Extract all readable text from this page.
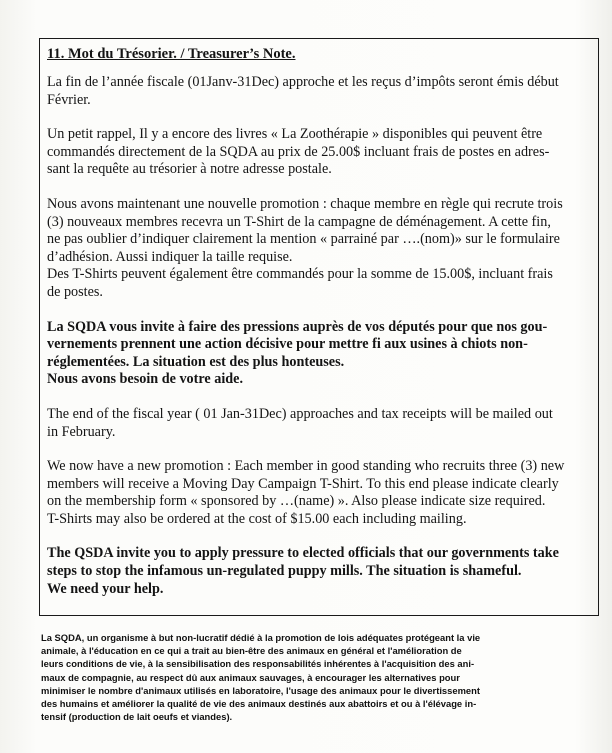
11. Mot du Trésorier. / Treasurer’s Note.
La fin de l’année fiscale (01Janv-31Dec) approche et les reçus d’impôts seront émis début
Février.
Un petit rappel, Il y a encore des livres « La Zoothérapie » disponibles qui peuvent être
commandés directement de la SQDA au prix de 25.00$ incluant frais de postes en adres-
sant la requête au trésorier à notre adresse postale.
Nous avons maintenant une nouvelle promotion : chaque membre en règle qui recrute trois
(3) nouveaux membres recevra un T-Shirt de la campagne de déménagement. A cette fin,
ne pas oublier d’indiquer clairement la mention « parrainé par ….(nom)» sur le formulaire
d’adhésion. Aussi indiquer la taille requise.
Des T-Shirts peuvent également être commandés pour la somme de 15.00$, incluant frais
de postes.
La SQDA vous invite à faire des pressions auprès de vos députés pour que nos gou-
vernements prennent une action décisive pour mettre fi aux usines à chiots non-
réglementées. La situation est des plus honteuses.
Nous avons besoin de votre aide.
The end of the fiscal year ( 01 Jan-31Dec) approaches and tax receipts will be mailed out
in February.
We now have a new promotion : Each member in good standing who recruits three (3) new
members will receive a Moving Day Campaign T-Shirt. To this end please indicate clearly
on the membership form « sponsored by …(name) ». Also please indicate size required.
T-Shirts may also be ordered at the cost of $15.00 each including mailing.
The QSDA invite you to apply pressure to elected officials that our governments take
steps to stop the infamous un-regulated puppy mills. The situation is shameful.
We need your help.
La SQDA, un organisme à but non-lucratif dédié à la promotion de lois adéquates protégeant la vie
animale, à l'éducation en ce qui a trait au bien-être des animaux en général et l'amélioration de
leurs conditions de vie, à la sensibilisation des responsabilités inhérentes à l'acquisition des ani-
maux de compagnie, au respect dû aux animaux sauvages, à encourager les alternatives pour
minimiser le nombre d'animaux utilisés en laboratoire, l'usage des animaux pour le divertissement
des humains et améliorer la qualité de vie des animaux destinés aux abattoirs et ou à l'élévage in-
tensif (production de lait oeufs et viandes).
